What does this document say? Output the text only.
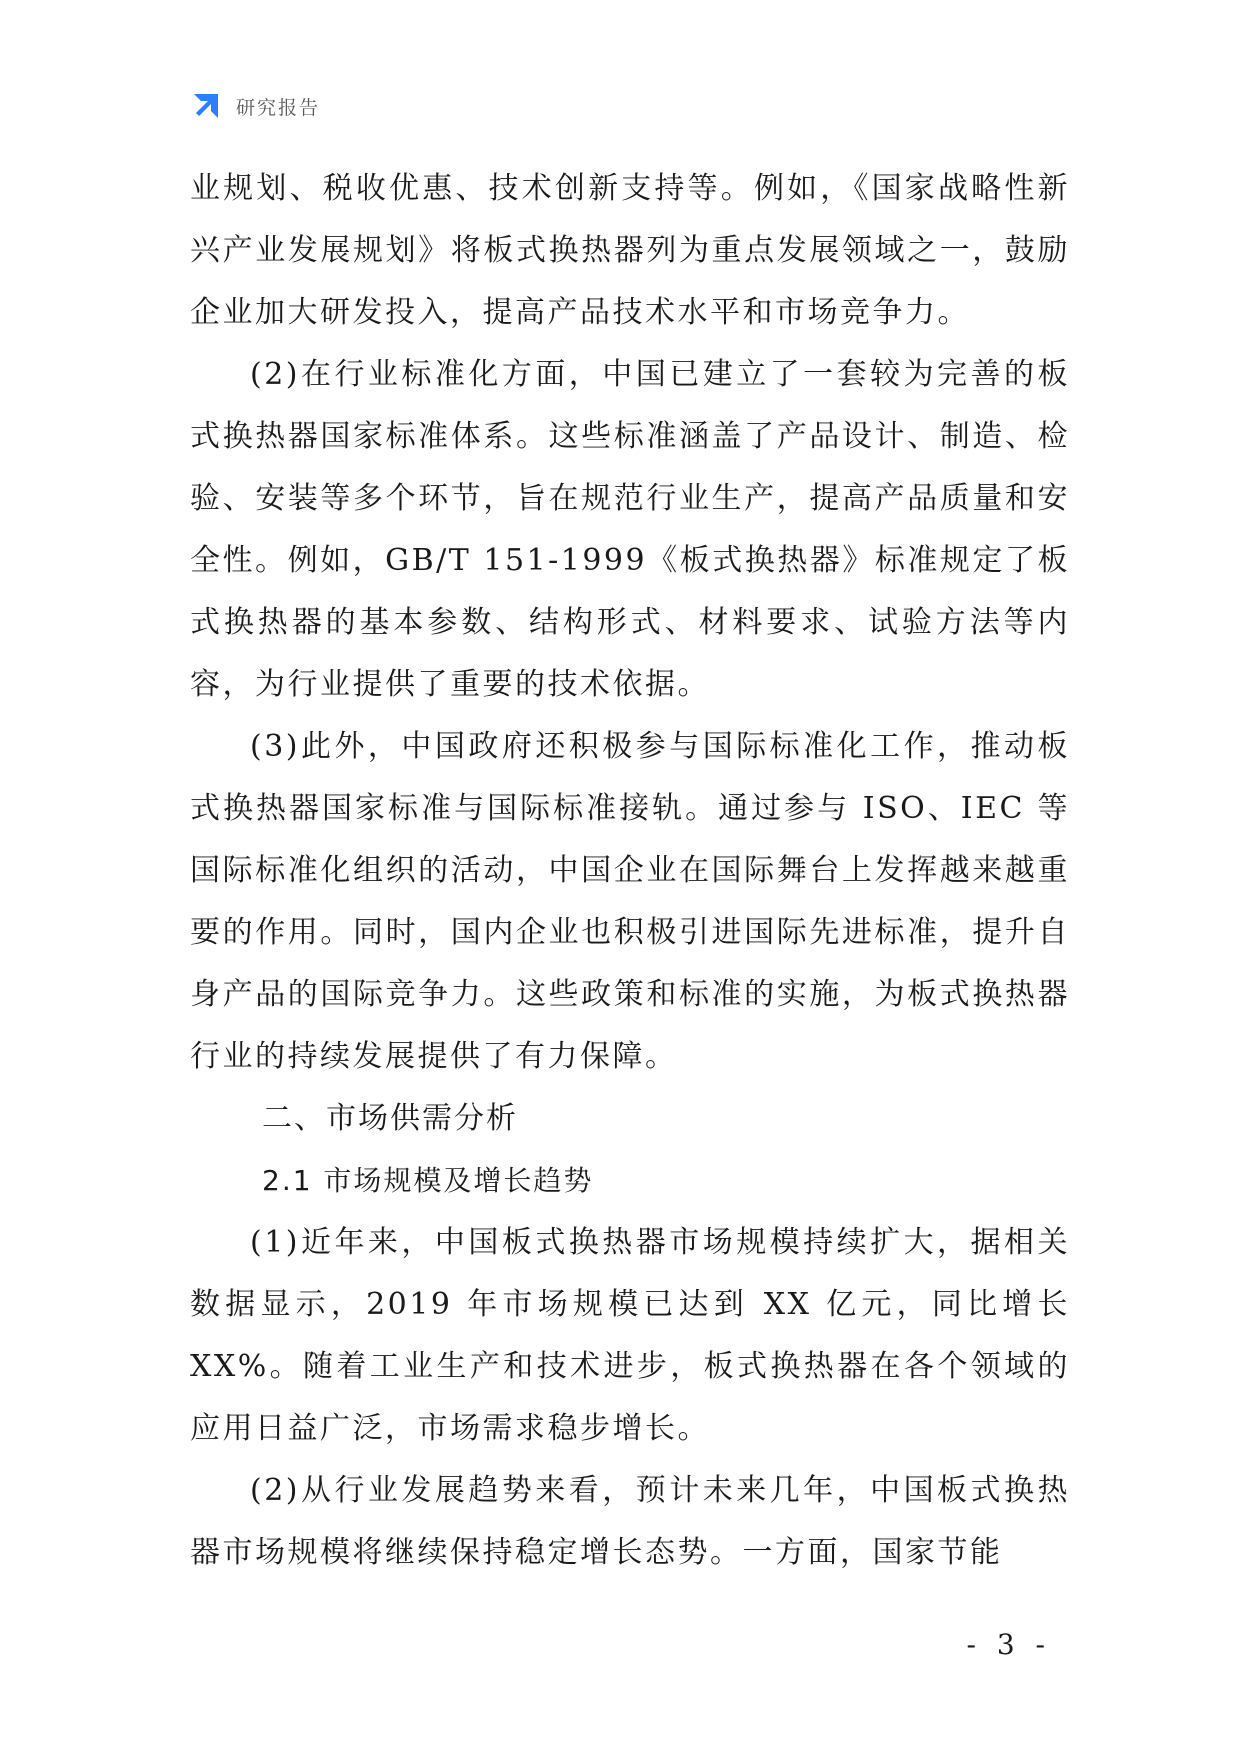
研究报告

业规划、税收优惠、技术创新支持等。例如，《国家战略性新兴产业发展规划》将板式换热器列为重点发展领域之一，鼓励企业加大研发投入，提高产品技术水平和市场竞争力。

(2)在行业标准化方面，中国已建立了一套较为完善的板式换热器国家标准体系。这些标准涵盖了产品设计、制造、检验、安装等多个环节，旨在规范行业生产，提高产品质量和安全性。例如，GB/T 151-1999《板式换热器》标准规定了板式换热器的基本参数、结构形式、材料要求、试验方法等内容，为行业提供了重要的技术依据。

(3)此外，中国政府还积极参与国际标准化工作，推动板式换热器国家标准与国际标准接轨。通过参与 ISO、IEC 等国际标准化组织的活动，中国企业在国际舞台上发挥越来越重要的作用。同时，国内企业也积极引进国际先进标准，提升自身产品的国际竞争力。这些政策和标准的实施，为板式换热器行业的持续发展提供了有力保障。

二、市场供需分析
2.1 市场规模及增长趋势

(1)近年来，中国板式换热器市场规模持续扩大，据相关数据显示，2019 年市场规模已达到 XX 亿元，同比增长 XX%。随着工业生产和技术进步，板式换热器在各个领域的应用日益广泛，市场需求稳步增长。

(2)从行业发展趋势来看，预计未来几年，中国板式换热器市场规模将继续保持稳定增长态势。一方面，国家节能

- 3 -
